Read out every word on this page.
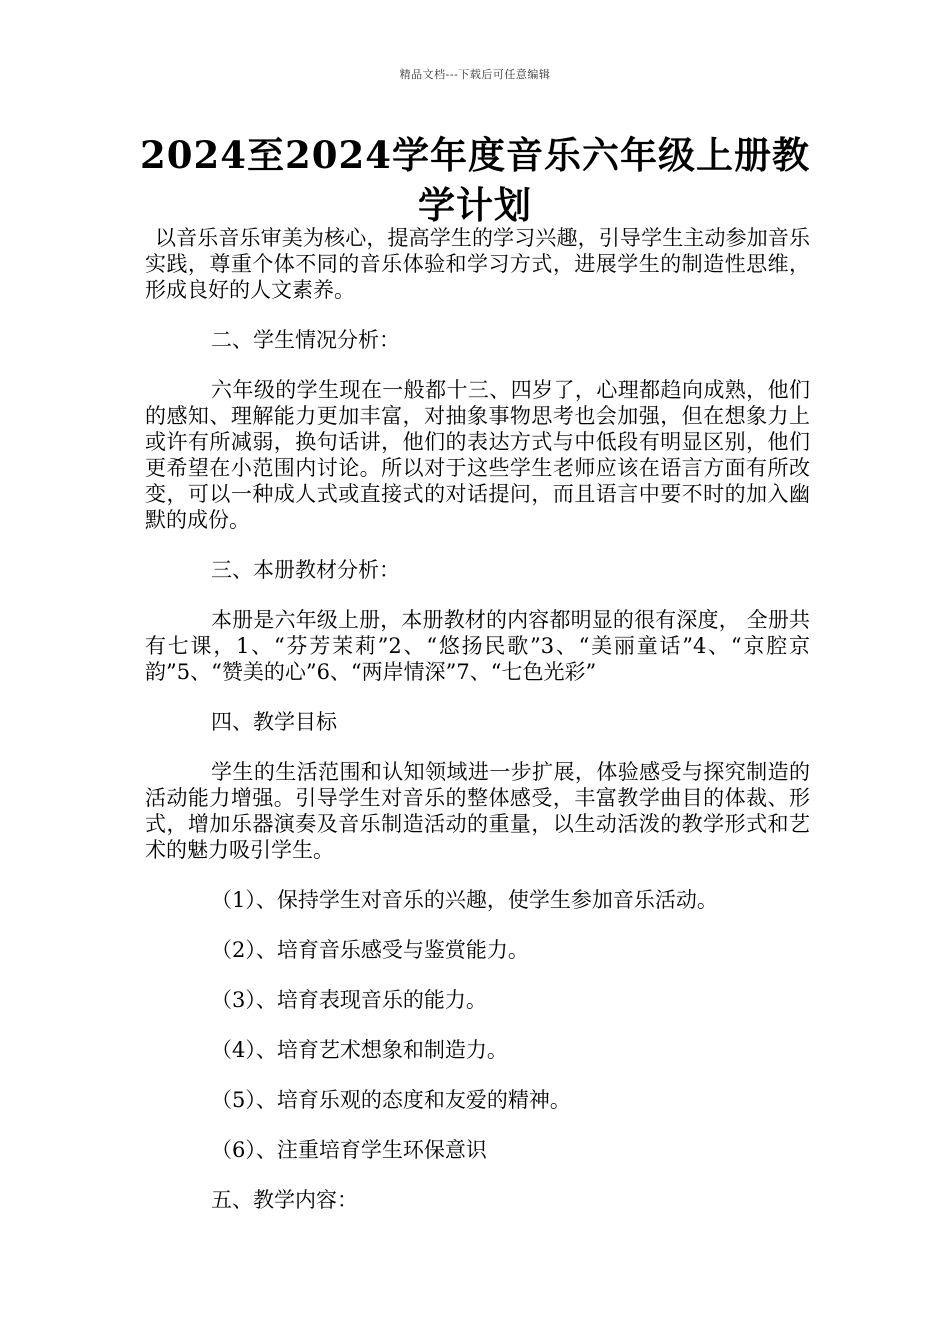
精品文档---下载后可任意编辑
2024至2024学年度音乐六年级上册教学计划

以音乐音乐审美为核心，提高学生的学习兴趣，引导学生主动参加音乐实践，尊重个体不同的音乐体验和学习方式，进展学生的制造性思维，形成良好的人文素养。

二、学生情况分析：

六年级的学生现在一般都十三、四岁了，心理都趋向成熟，他们的感知、理解能力更加丰富，对抽象事物思考也会加强，但在想象力上或许有所减弱，换句话讲，他们的表达方式与中低段有明显区别，他们更希望在小范围内讨论。所以对于这些学生老师应该在语言方面有所改变，可以一种成人式或直接式的对话提问，而且语言中要不时的加入幽默的成份。

三、本册教材分析：

本册是六年级上册，本册教材的内容都明显的很有深度， 全册共有七课，1、“芬芳茉莉”2、“悠扬民歌”3、“美丽童话”4、“京腔京韵”5、“赞美的心”6、“两岸情深”7、“七色光彩”

四、教学目标

学生的生活范围和认知领域进一步扩展，体验感受与探究制造的活动能力增强。引导学生对音乐的整体感受，丰富教学曲目的体裁、形式，增加乐器演奏及音乐制造活动的重量，以生动活泼的教学形式和艺术的魅力吸引学生。

（1）、保持学生对音乐的兴趣，使学生参加音乐活动。

（2）、培育音乐感受与鉴赏能力。

（3）、培育表现音乐的能力。

（4）、培育艺术想象和制造力。

（5）、培育乐观的态度和友爱的精神。

（6）、注重培育学生环保意识

五、教学内容：
